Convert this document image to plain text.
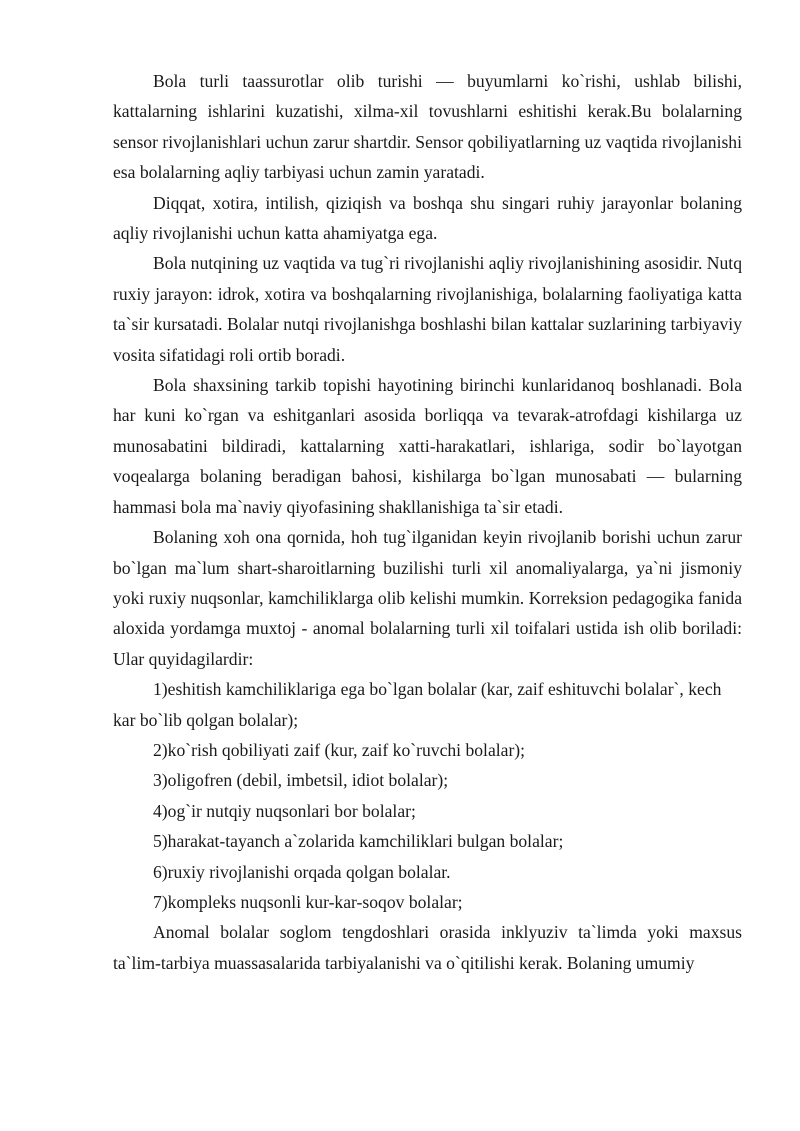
Bola turli taassurotlar olib turishi — buyumlarni ko`rishi, ushlab bilishi, kattalarning ishlarini kuzatishi, xilma-xil tovushlarni eshitishi kerak.Bu bolalarning sensor rivojlanishlari uchun zarur shartdir. Sensor qobiliyatlarning uz vaqtida rivojlanishi esa bolalarning aqliy tarbiyasi uchun zamin yaratadi.

Diqqat, xotira, intilish, qiziqish va boshqa shu singari ruhiy jarayonlar bolaning aqliy rivojlanishi uchun katta ahamiyatga ega.

Bola nutqining uz vaqtida va tug`ri rivojlanishi aqliy rivojlanishining asosidir. Nutq ruxiy jarayon: idrok, xotira va boshqalarning rivojlanishiga, bolalarning faoliyatiga katta ta`sir kursatadi. Bolalar nutqi rivojlanishga boshlashi bilan kattalar suzlarining tarbiyaviy vosita sifatidagi roli ortib boradi.

Bola shaxsining tarkib topishi hayotining birinchi kunlaridanoq boshlanadi. Bola har kuni ko`rgan va eshitganlari asosida borliqqa va tevarak-atrofdagi kishilarga uz munosabatini bildiradi, kattalarning xatti-harakatlari, ishlariga, sodir bo`layotgan voqealarga bolaning beradigan bahosi, kishilarga bo`lgan munosabati — bularning hammasi bola ma`naviy qiyofasining shakllanishiga ta`sir etadi.

Bolaning xoh ona qornida, hoh tug`ilganidan keyin rivojlanib borishi uchun zarur bo`lgan ma`lum shart-sharoitlarning buzilishi turli xil anomaliyalarga, ya`ni jismoniy yoki ruxiy nuqsonlar, kamchiliklarga olib kelishi mumkin. Korreksion pedagogika fanida aloxida yordamga muxtoj - anomal bolalarning turli xil toifalari ustida ish olib boriladi: Ular quyidagilardir:

1)eshitish kamchiliklariga ega bo`lgan bolalar (kar, zaif eshituvchi bolalar`, kech kar bo`lib qolgan bolalar);

2)ko`rish qobiliyati zaif (kur, zaif ko`ruvchi bolalar);

3)oligofren (debil, imbetsil, idiot bolalar);

4)og`ir nutqiy nuqsonlari bor bolalar;

5)harakat-tayanch a`zolarida kamchiliklari bulgan bolalar;

6)ruxiy rivojlanishi orqada qolgan bolalar.

7)kompleks nuqsonli kur-kar-soqov bolalar;

Anomal bolalar soglom tengdoshlari orasida inklyuziv ta`limda yoki maxsus ta`lim-tarbiya muassasalarida tarbiyalanishi va o`qitilishi kerak. Bolaning umumiy
